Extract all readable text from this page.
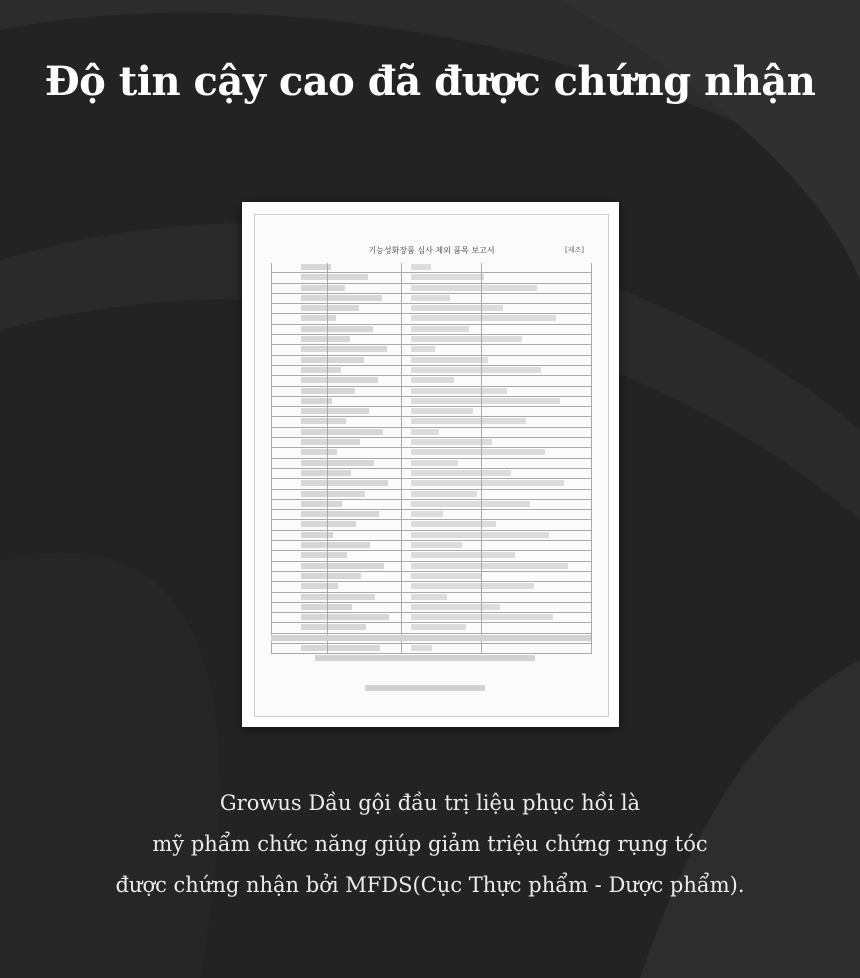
Độ tin cậy cao đã được chứng nhận
기능성화장품 심사 제외 품목 보고서	[제조]

Growus Dầu gội đầu trị liệu phục hồi là

mỹ phẩm chức năng giúp giảm triệu chứng rụng tóc

được chứng nhận bởi MFDS(Cục Thực phẩm - Dược phẩm).
